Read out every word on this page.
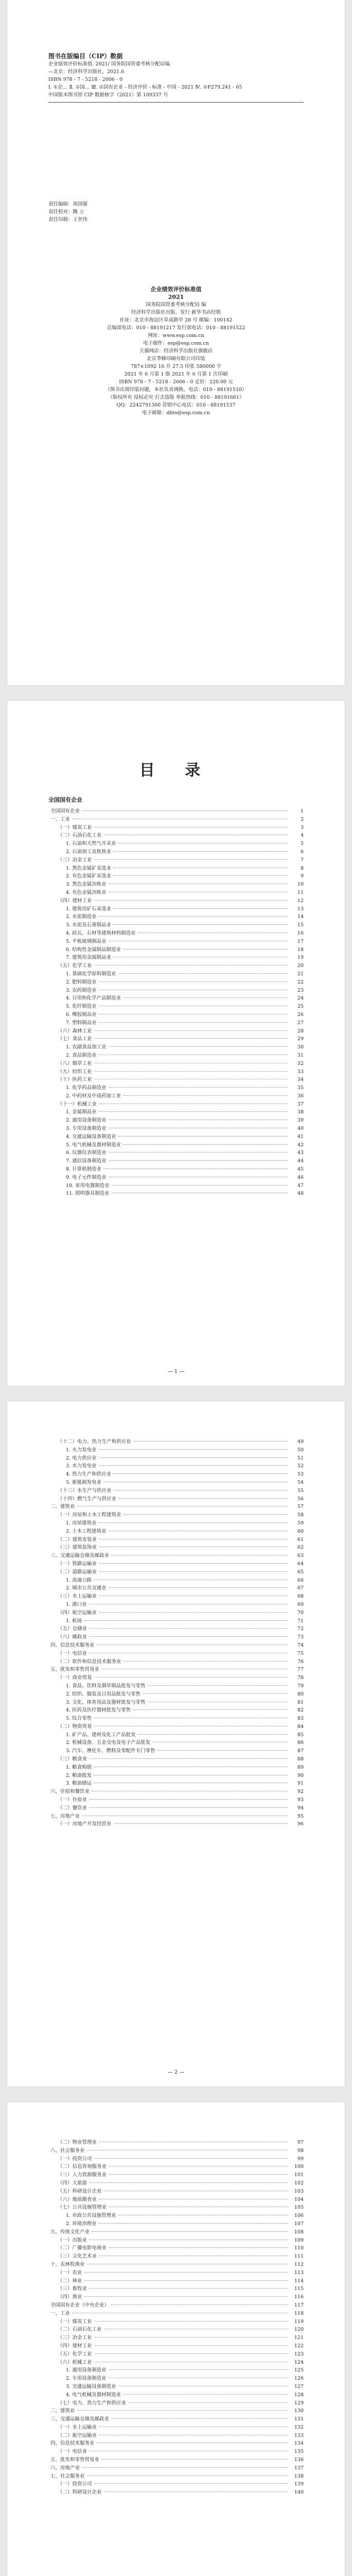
图书在版编目（CIP）数据

企业绩效评价标准值. 2021/ 国务院国资委考核分配局编.

—北京：经济科学出版社，2021.6

ISBN 978 - 7 - 5218 - 2606 - 0

Ⅰ. ①企… Ⅱ. ①国… Ⅲ. ①国有企业 - 经济评价 - 标准 - 中国 - 2021 Ⅳ. ①F279.241 - 65

中国版本图书馆 CIP 数据核字（2021）第 109337 号

责任编辑：周国强

责任校对：隗 立

责任印制：王世伟

企业绩效评价标准值
2021

国务院国资委考核分配局 编

经济科学出版社出版、发行 新华书店经销

社址：北京市海淀区阜成路甲 28 号 邮编：100142

总编部电话：010 - 88191217 发行部电话：010 - 88191522

网址：www.esp.com.cn

电子邮件：esp@esp.com.cn

天猫网店：经济科学出版社旗舰店

北京季蜂印刷有限公司印装

787×1092 16 开 27.5 印张 580000 字

2021 年 6 月第 1 版 2021 年 6 月第 1 次印刷

ISBN 978 - 7 - 5218 - 2606 - 0 定价：220.00 元

（图书出现印装问题，本社负责调换。电话：010 - 88191510）

（版权所有 侵权必究 打击盗版 举报热线：010 - 88191661）

QQ：2242791300 营销中心电话：010 - 88191537

电子邮箱：dbts@esp.com.cn

目 录
全国国有企业
全国国有企业	1
一、工业	2
（一）煤炭工业	3
（二）石油石化工业	4
1. 石油和天然气开采业	5
2. 石油加工及炼焦业	6
（三）冶金工业	7
1. 黑色金属矿采选业	8
2. 有色金属矿采选业	9
3. 黑色金属冶炼业	10
4. 有色金属冶炼业	11
（四）建材工业	12
1. 建筑用矿石采选业	13
2. 水泥制造业	14
3. 水泥及石膏制品业	15
4. 砖瓦、石材等建筑材料制造业	16
5. 平板玻璃制品业	17
6. 结构性金属制品制造业	18
7. 建筑用金属制品业	19
（五）化学工业	20
1. 基础化学原料制造业	21
2. 肥料制造业	22
3. 农药制造业	23
4. 日用和化学产品制造业	24
5. 化纤制造业	25
6. 橡胶制品业	26
7. 塑料制品业	27
（六）森林工业	28
（七）食品工业	29
1. 农副食品加工业	30
2. 食品制造业	31
（八）烟草工业	32
（九）纺织工业	33
（十）医药工业	34
1. 化学药品制造业	35
2. 中药材及中成药加工业	36
（十一）机械工业	37
1. 金属制品业	38
2. 通用设备制造业	39
3. 专用设备制造业	40
4. 交通运输设备制造业	41
5. 电气机械及器材制造业	42
6. 仪器仪表制造业	43
7. 通信设备制造业	44
8. 计算机制造业	45
9. 电子元件制造业	46
10. 家用电器制造业	47
11. 照明器具制造业	48
— 1 —
（十二）电力、热力生产和供应业	49
1. 火力发电业	50
2. 电力供应业	51
3. 水力发电业	52
4. 热力生产和供应业	53
5. 新能源发电业	54
（十三）水生产与供应业	55
（十四）燃气生产与供应业	56
二、建筑业	57
（一）房屋和土木工程建筑业	58
1. 房屋建筑业	59
2. 土木工程建筑业	60
（二）建筑安装业	61
（三）建筑装饰业	62
三、交通运输仓储及邮政业	63
（一）铁路运输业	64
（二）道路运输业	65
1. 高速公路	66
2. 城市公共交通业	67
（三）水上运输业	68
1. 港口业	69
（四）航空运输业	70
1. 机场	71
（五）仓储业	72
（六）邮政业	73
四、信息技术服务业	74
（一）电信业	75
（二）软件和信息技术服务业	76
五、批发和零售贸易业	77
（一）商业贸易	78
1. 食品、饮料及烟草制品批发与零售	79
2. 纺织、服装及日用品批发与零售	80
3. 文化、体育用品及器材批发与零售	81
4. 医药及医疗器材批发与零售	82
5. 综合零售	83
（二）物资贸易	84
1. 矿产品、建材及化工产品批发	85
2. 机械设备、五金交电及电子产品批发	86
3. 汽车、摩托车、燃料及零配件专门零售	87
（三）粮食业	88
1. 粮食购销	89
2. 粮油批发	90
3. 粮油储运	91
六、住宿和餐饮业	92
（一）住宿业	93
（二）餐饮业	94
七、房地产业	95
（一）房地产开发经营业	96
— 2 —
（二）物业管理业	97
八、社会服务业	98
（一）投资公司	99
（二）信息咨询服务业	100
（三）人力资源服务业	101
（四）大旅游	102
（五）科研设计企业	103
（六）地质勘查业	104
（七）公共设施管理业	105
1. 市政公共设施管理业	106
2. 环境治理业	107
九、传统文化产业	108
（一）出版业	109
（二）广播电影电视业	110
（三）文化艺术业	111
十、农林牧渔业	112
（一）农业	113
（二）林业	114
（三）畜牧业	115
（四）渔业	116
全国国有企业（中央企业）	117
一、工业	118
（一）煤炭工业	119
（二）石油石化工业	120
（三）冶金工业	121
（四）建材工业	122
（五）化学工业	123
（六）机械工业	124
1. 通用设备制造业	125
2. 专用设备制造业	126
3. 交通运输设备制造业	127
4. 电气机械及器材制造业	128
（七）电力、热力生产和供应业	129
二、建筑业	130
三、交通运输仓储及邮政业	131
（一）水上运输业	132
（二）航空运输业	133
四、信息技术服务业	134
（一）电信业	135
五、批发和零售贸易业	136
六、房地产业	137
七、社会服务业	138
（一）投资公司	139
（二）科研设计企业	140
